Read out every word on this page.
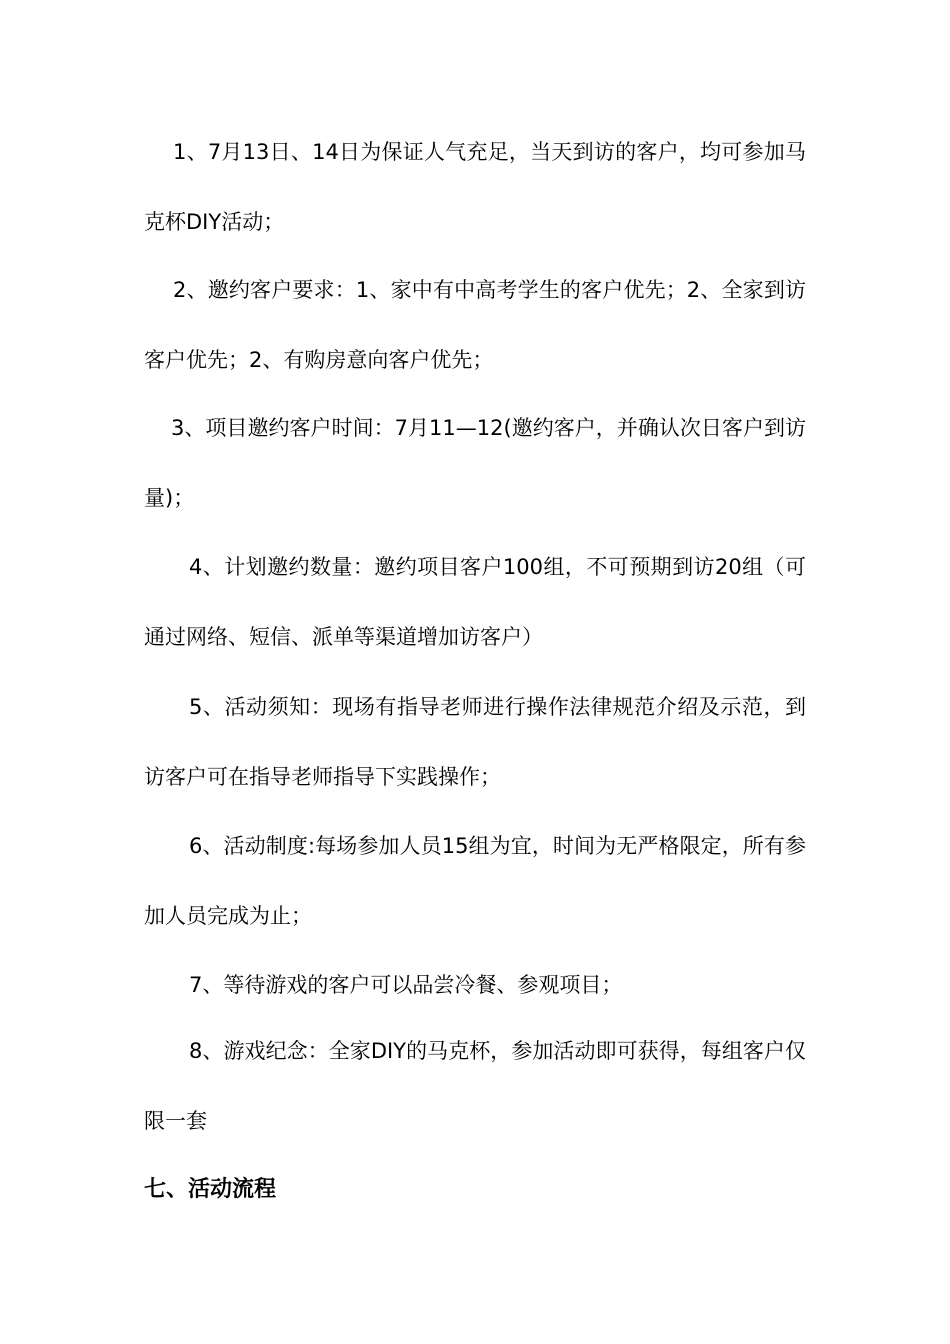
1、7月13日、14日为保证人气充足，当天到访的客户，均可参加马克杯DIY活动；

2、邀约客户要求：1、家中有中高考学生的客户优先；2、全家到访客户优先；2、有购房意向客户优先；

3、项目邀约客户时间：7月11—12(邀约客户，并确认次日客户到访量)；

4、计划邀约数量：邀约项目客户100组，不可预期到访20组（可通过网络、短信、派单等渠道增加访客户）

5、活动须知：现场有指导老师进行操作法律规范介绍及示范，到访客户可在指导老师指导下实践操作；

6、活动制度:每场参加人员15组为宜，时间为无严格限定，所有参加人员完成为止；

7、等待游戏的客户可以品尝冷餐、参观项目；

8、游戏纪念：全家DIY的马克杯，参加活动即可获得，每组客户仅限一套

七、活动流程
